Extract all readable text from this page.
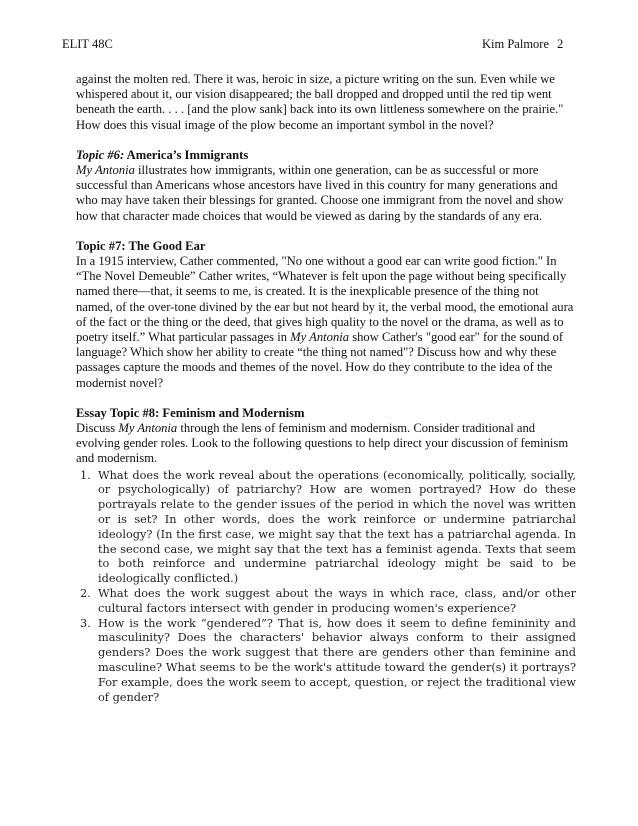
ELIT 48C	Kim Palmore 2

against the molten red. There it was, heroic in size, a picture writing on the sun. Even while we whispered about it, our vision disappeared; the ball dropped and dropped until the red tip went beneath the earth. . . . [and the plow sank] back into its own littleness somewhere on the prairie." How does this visual image of the plow become an important symbol in the novel?

Topic #6: America’s Immigrants

My Antonia illustrates how immigrants, within one generation, can be as successful or more successful than Americans whose ancestors have lived in this country for many generations and who may have taken their blessings for granted. Choose one immigrant from the novel and show how that character made choices that would be viewed as daring by the standards of any era.

Topic #7: The Good Ear

In a 1915 interview, Cather commented, "No one without a good ear can write good fiction." In “The Novel Demeuble” Cather writes, “Whatever is felt upon the page without being specifically named there—that, it seems to me, is created. It is the inexplicable presence of the thing not named, of the over-tone divined by the ear but not heard by it, the verbal mood, the emotional aura of the fact or the thing or the deed, that gives high quality to the novel or the drama, as well as to poetry itself.” What particular passages in My Antonia show Cather's "good ear" for the sound of language? Which show her ability to create “the thing not named"? Discuss how and why these passages capture the moods and themes of the novel. How do they contribute to the idea of the modernist novel?

Essay Topic #8: Feminism and Modernism

Discuss My Antonia through the lens of feminism and modernism. Consider traditional and evolving gender roles. Look to the following questions to help direct your discussion of feminism and modernism.

1. What does the work reveal about the operations (economically, politically, socially, or psychologically) of patriarchy? How are women portrayed? How do these portrayals relate to the gender issues of the period in which the novel was written or is set? In other words, does the work reinforce or undermine patriarchal ideology? (In the first case, we might say that the text has a patriarchal agenda. In the second case, we might say that the text has a feminist agenda. Texts that seem to both reinforce and undermine patriarchal ideology might be said to be ideologically conflicted.)
2. What does the work suggest about the ways in which race, class, and/or other cultural factors intersect with gender in producing women's experience?
3. How is the work “gendered”? That is, how does it seem to define femininity and masculinity? Does the characters' behavior always conform to their assigned genders? Does the work suggest that there are genders other than feminine and masculine? What seems to be the work's attitude toward the gender(s) it portrays? For example, does the work seem to accept, question, or reject the traditional view of gender?
